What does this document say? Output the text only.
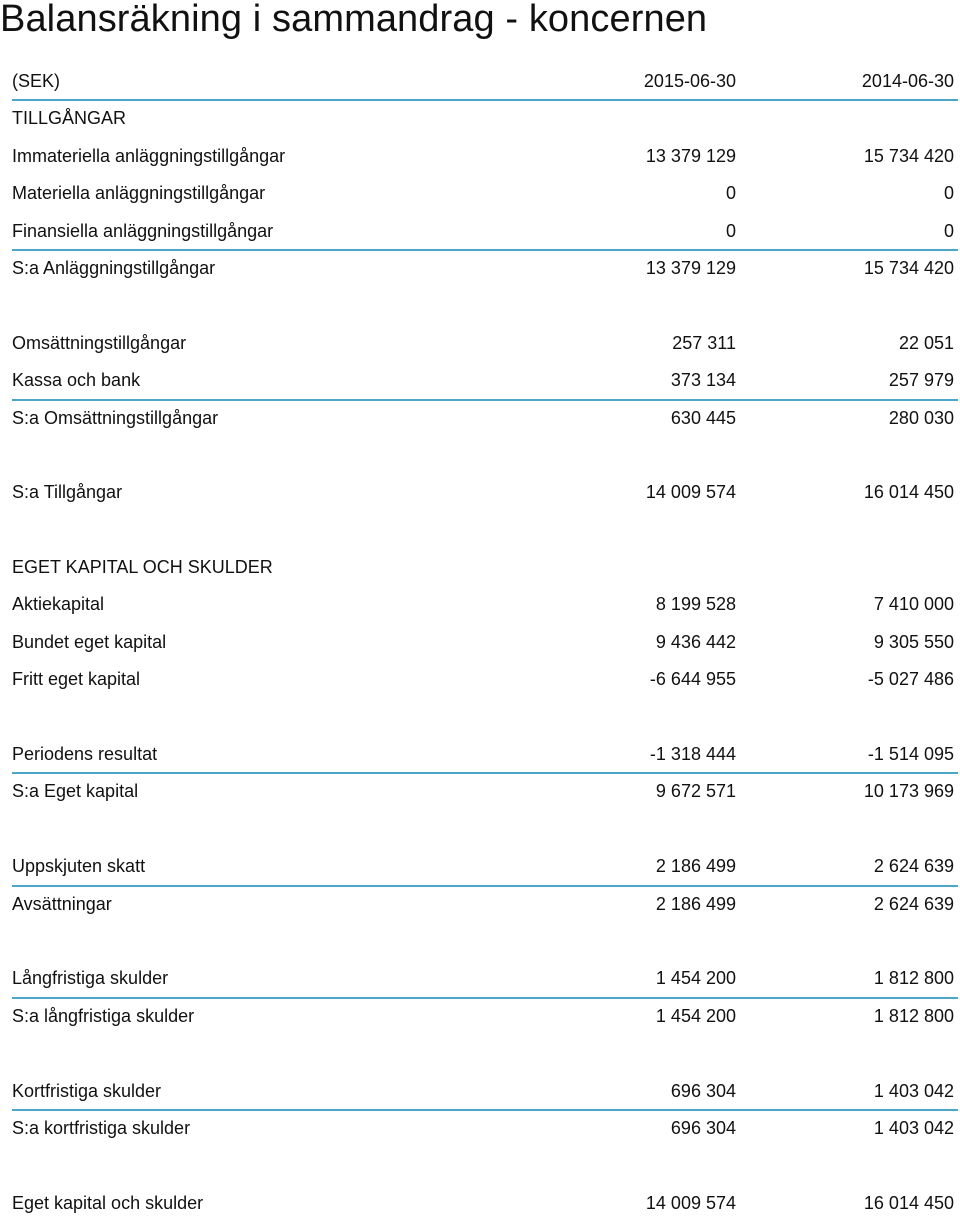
Balansräkning i sammandrag - koncernen
(SEK)	2015-06-30	2014-06-30
TILLGÅNGAR
Immateriella anläggningstillgångar	13 379 129	15 734 420
Materiella anläggningstillgångar	0	0
Finansiella anläggningstillgångar	0	0
S:a Anläggningstillgångar	13 379 129	15 734 420
Omsättningstillgångar	257 311	22 051
Kassa och bank	373 134	257 979
S:a Omsättningstillgångar	630 445	280 030
S:a Tillgångar	14 009 574	16 014 450
EGET KAPITAL OCH SKULDER
Aktiekapital	8 199 528	7 410 000
Bundet eget kapital	9 436 442	9 305 550
Fritt eget kapital	-6 644 955	-5 027 486
Periodens resultat	-1 318 444	-1 514 095
S:a Eget kapital	9 672 571	10 173 969
Uppskjuten skatt	2 186 499	2 624 639
Avsättningar	2 186 499	2 624 639
Långfristiga skulder	1 454 200	1 812 800
S:a långfristiga skulder	1 454 200	1 812 800
Kortfristiga skulder	696 304	1 403 042
S:a kortfristiga skulder	696 304	1 403 042
Eget kapital och skulder	14 009 574	16 014 450
